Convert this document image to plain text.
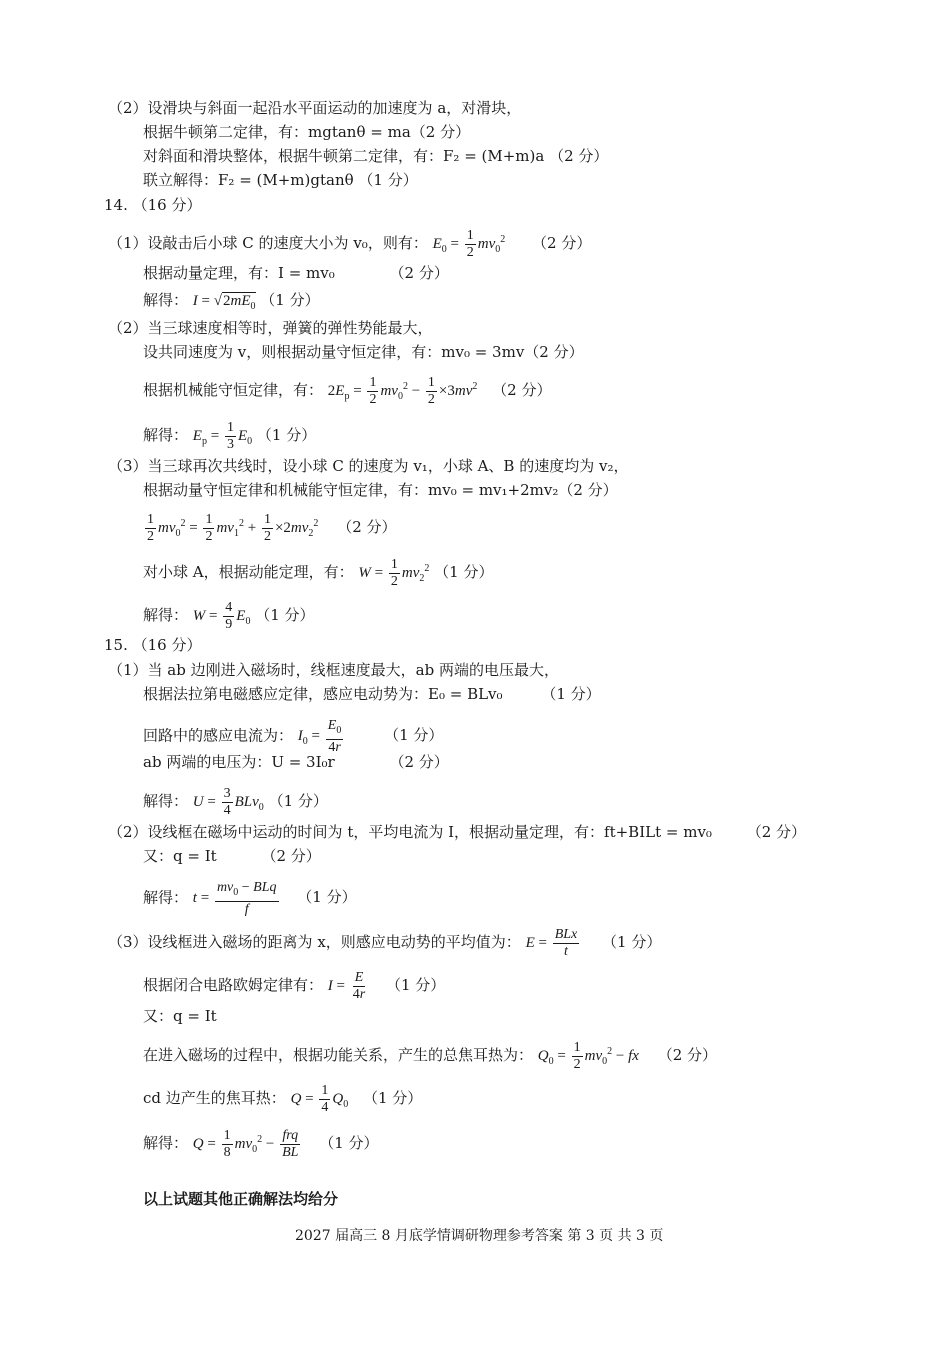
（2）设滑块与斜面一起沿水平面运动的加速度为 a，对滑块，
根据牛顿第二定律，有：mgtanθ = ma（2 分）
对斜面和滑块整体，根据牛顿第二定律，有：F₂ = (M+m)a （2 分）
联立解得：F₂ = (M+m)gtanθ （1 分）
14. （16 分）
（1）设敲击后小球 C 的速度大小为 v₀，则有： $E_0 = \frac{1}{2} mv_0^2$ （2 分）
根据动量定理，有：I = mv₀	（2 分）
解得： $I = √2mE_0$ （1 分）
（2）当三球速度相等时，弹簧的弹性势能最大，
设共同速度为 v，则根据动量守恒定律，有：mv₀ = 3mv（2 分）
根据机械能守恒定律，有： $2E_p = \frac{1}{2} mv_0^2 - \frac{1}{2} \times 3mv^2$ （2 分）
解得： $E_p = \frac{1}{3} E_0$ （1 分）
（3）当三球再次共线时，设小球 C 的速度为 v₁，小球 A、B 的速度均为 v₂，
根据动量守恒定律和机械能守恒定律，有：mv₀ = mv₁+2mv₂（2 分）
$\frac{1}{2} mv_0^2 = \frac{1}{2} mv_1^2 + \frac{1}{2} \times 2mv_2^2$ （2 分）
对小球 A，根据动能定理，有： $W = \frac{1}{2} mv_2^2$ （1 分）
解得： $W = \frac{4}{9} E_0$ （1 分）
15. （16 分）
（1）当 ab 边刚进入磁场时，线框速度最大，ab 两端的电压最大，
根据法拉第电磁感应定律，感应电动势为：E₀ = BLv₀	（1 分）
回路中的感应电流为： $I_0 = \frac{E_0}{4r}$	（1 分）
ab 两端的电压为：U = 3I₀r	（2 分）
解得： $U = \frac{3}{4} BLv_0$ （1 分）
（2）设线框在磁场中运动的时间为 t，平均电流为 I，根据动量定理，有：ft+BILt = mv₀ （2 分）
又：q = It	（2 分）
解得： $t = \frac{mv_0 - BLq}{f} (1$ 分）
（3）设线框进入磁场的距离为 x，则感应电动势的平均值为： $E = \frac{\text{BLx}}{t} (1$ 分）
根据闭合电路欧姆定律有： $I = \frac{E}{4r} (1$ 分）
又：q = It
在进入磁场的过程中，根据功能关系，产生的总焦耳热为： $Q_0 = \frac{1}{2} mv_0^2$ − fx （2 分）
cd 边产生的焦耳热： $Q = \frac{1}{4} Q_0$ （1 分）
解得： $Q = \frac{1}{8} mv_0^2 - \frac{\text{frq}}{BL} (1$ 分）
以上试题其他正确解法均给分
2027 届高三 8 月底学情调研物理参考答案 第 3 页 共 3 页
